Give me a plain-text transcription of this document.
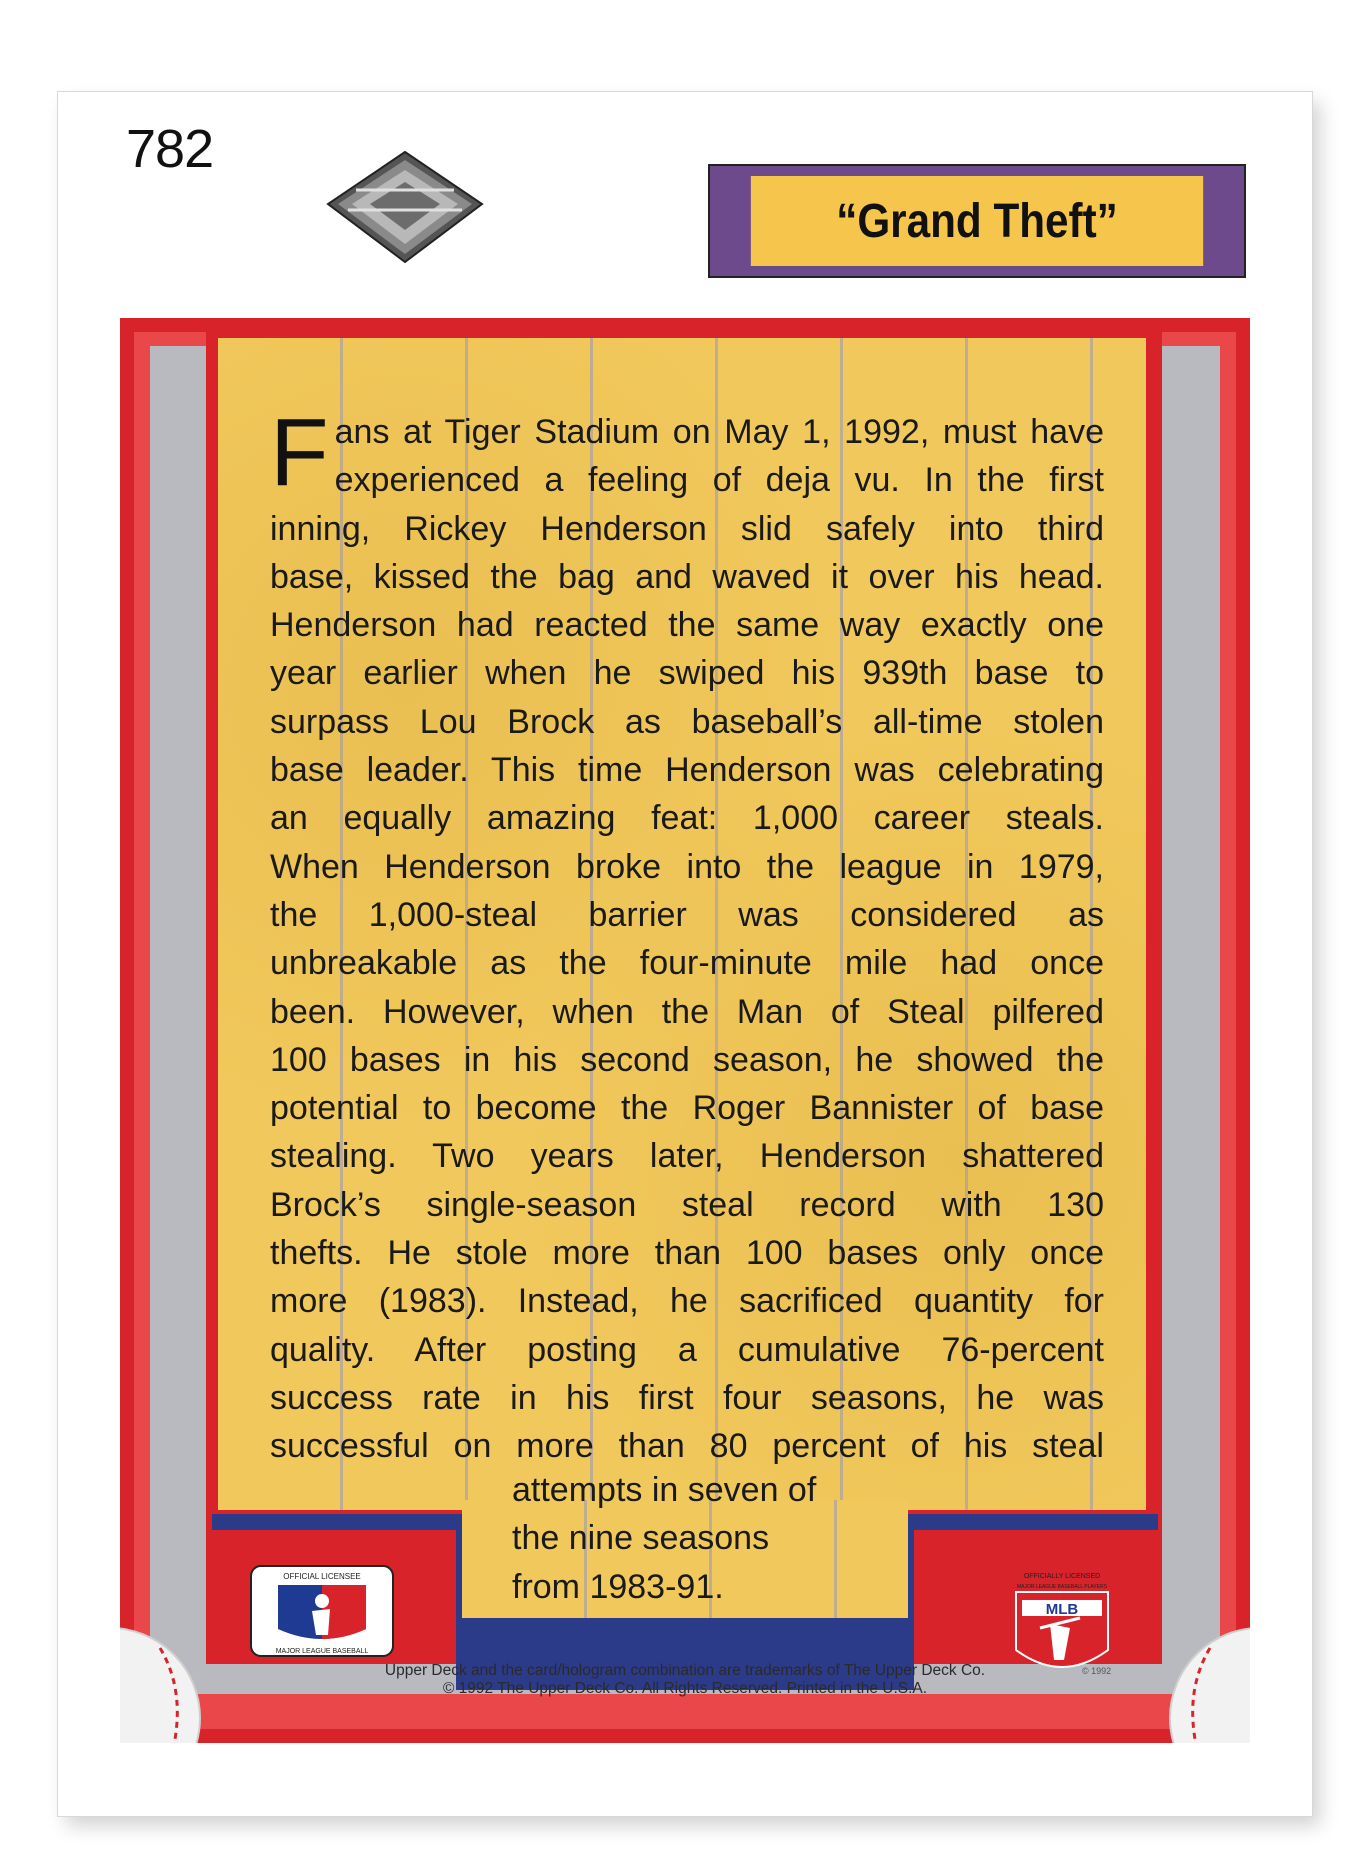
782
“Grand Theft”
F ans at Tiger Stadium on May 1, 1992, must have
experienced a feeling of deja vu. In the first
inning, Rickey Henderson slid safely into third
base, kissed the bag and waved it over his head.
Henderson had reacted the same way exactly one
year earlier when he swiped his 939th base to
surpass Lou Brock as baseball’s all-time stolen
base leader. This time Henderson was celebrating
an equally amazing feat: 1,000 career steals.
When Henderson broke into the league in 1979,
the 1,000-steal barrier was considered as
unbreakable as the four-minute mile had once
been. However, when the Man of Steal pilfered
100 bases in his second season, he showed the
potential to become the Roger Bannister of base
stealing. Two years later, Henderson shattered
Brock’s single-season steal record with 130
thefts. He stole more than 100 bases only once
more (1983). Instead, he sacrificed quantity for
quality. After posting a cumulative 76-percent
success rate in his first four seasons, he was
successful on more than 80 percent of his steal
attempts in seven of
the nine seasons
from 1983-91.
OFFICIAL LICENSEE
MAJOR LEAGUE BASEBALL
OFFICIALLY LICENSED
MAJOR LEAGUE BASEBALL PLAYERS
MLB
Upper Deck and the card/hologram combination are trademarks of The Upper Deck Co.
© 1992 The Upper Deck Co. All Rights Reserved. Printed in the U.S.A.
© 1992
